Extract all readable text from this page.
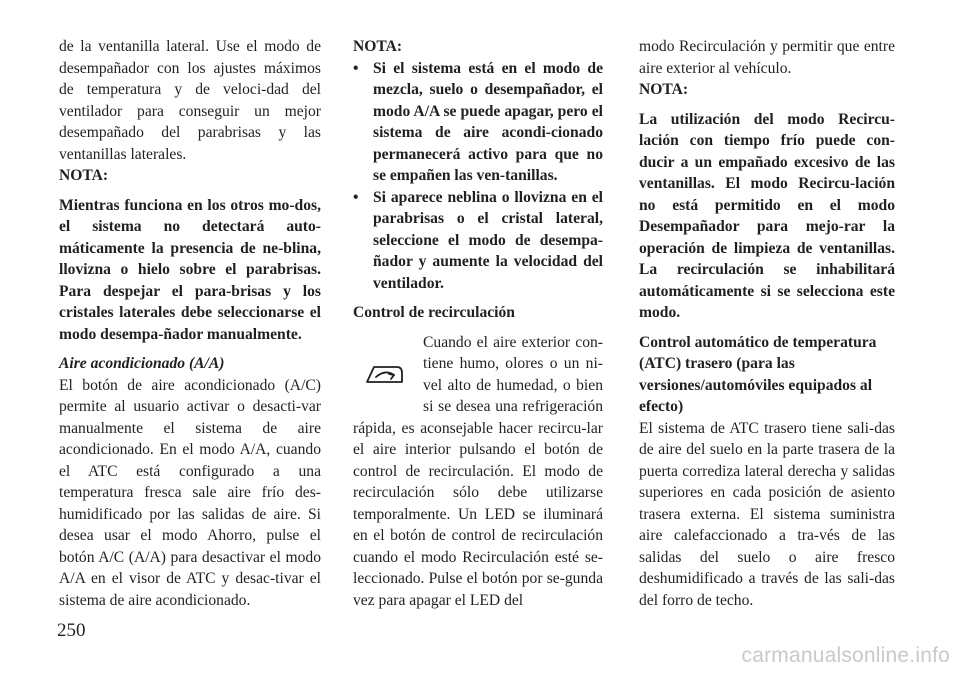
de la ventanilla lateral. Use el modo de desempañador con los ajustes máximos de temperatura y de veloci-dad del ventilador para conseguir un mejor desempañado del parabrisas y las ventanillas laterales.

NOTA:

Mientras funciona en los otros mo-dos, el sistema no detectará auto-máticamente la presencia de ne-blina, llovizna o hielo sobre el parabrisas. Para despejar el para-brisas y los cristales laterales debe seleccionarse el modo desempa-ñador manualmente.

Aire acondicionado (A/A)

El botón de aire acondicionado (A/C) permite al usuario activar o desacti-var manualmente el sistema de aire acondicionado. En el modo A/A, cuando el ATC está configurado a una temperatura fresca sale aire frío des-humidificado por las salidas de aire. Si desea usar el modo Ahorro, pulse el botón A/C (A/A) para desactivar el modo A/A en el visor de ATC y desac-tivar el sistema de aire acondicionado.

NOTA:

• Si el sistema está en el modo de mezcla, suelo o desempañador, el modo A/A se puede apagar, pero el sistema de aire acondi-cionado permanecerá activo para que no se empañen las ven-tanillas.
• Si aparece neblina o llovizna en el parabrisas o el cristal lateral, seleccione el modo de desempa-ñador y aumente la velocidad del ventilador.

Control de recirculación

Cuando el aire exterior con-tiene humo, olores o un ni-vel alto de humedad, o bien si se desea una refrigeración rápida, es aconsejable hacer recircu-lar el aire interior pulsando el botón de control de recirculación. El modo de recirculación sólo debe utilizarse temporalmente. Un LED se iluminará en el botón de control de recirculación cuando el modo Recirculación esté se-leccionado. Pulse el botón por se-gunda vez para apagar el LED del

modo Recirculación y permitir que entre aire exterior al vehículo.

NOTA:

La utilización del modo Recircu-lación con tiempo frío puede con-ducir a un empañado excesivo de las ventanillas. El modo Recircu-lación no está permitido en el modo Desempañador para mejo-rar la operación de limpieza de ventanillas. La recirculación se inhabilitará automáticamente si se selecciona este modo.

Control automático de temperatura (ATC) trasero (para las versiones/automóviles equipados al efecto)

El sistema de ATC trasero tiene sali-das de aire del suelo en la parte trasera de la puerta corrediza lateral derecha y salidas superiores en cada posición de asiento trasera externa. El sistema suministra aire calefaccionado a tra-vés de las salidas del suelo o aire fresco deshumidificado a través de las sali-das del forro de techo.

250
carmanualsonline.info
